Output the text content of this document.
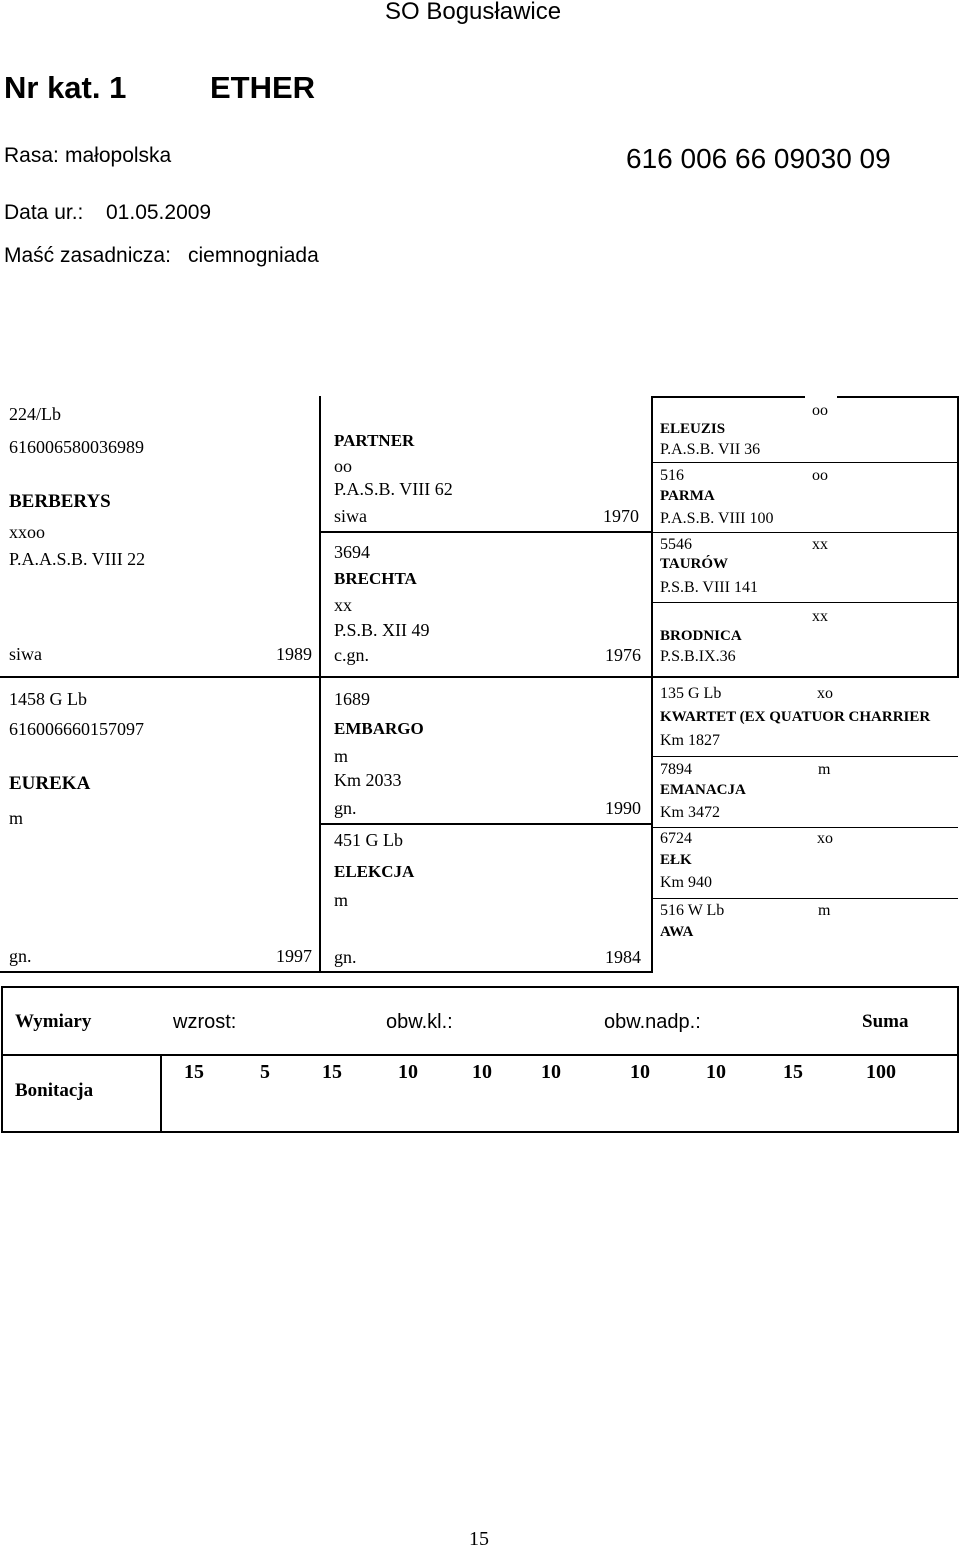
SO Bogusławice
Nr kat. 1	ETHER
Rasa: małopolska	616 006 66 09030 09
Data ur.: 01.05.2009
Maść zasadnicza: ciemnogniada
224/Lb
616006580036989
BERBERYS
xxoo
P.A.A.S.B. VIII 22
siwa	1989
PARTNER
oo
P.A.S.B. VIII 62
siwa	1970
3694
BRECHTA
xx
P.S.B. XII 49
c.gn.	1976
oo
ELEUZIS
P.A.S.B. VII 36
516	oo
PARMA
P.A.S.B. VIII 100
5546	xx
TAURÓW
P.S.B. VIII 141
xx
BRODNICA
P.S.B.IX.36
1458 G Lb
616006660157097
EUREKA
m
gn.	1997
1689
EMBARGO
m
Km 2033
gn.	1990
451 G Lb
ELEKCJA
m
gn.	1984
135 G Lb	xo
KWARTET (EX QUATUOR CHARRIER
Km 1827
7894	m
EMANACJA
Km 3472
6724	xo
EŁK
Km 940
516 W Lb	m
AWA
Wymiary	wzrost:	obw.kl.:	obw.nadp.:	Suma
Bonitacja
15	5	15	10	10 10	10	10	15	100
15
